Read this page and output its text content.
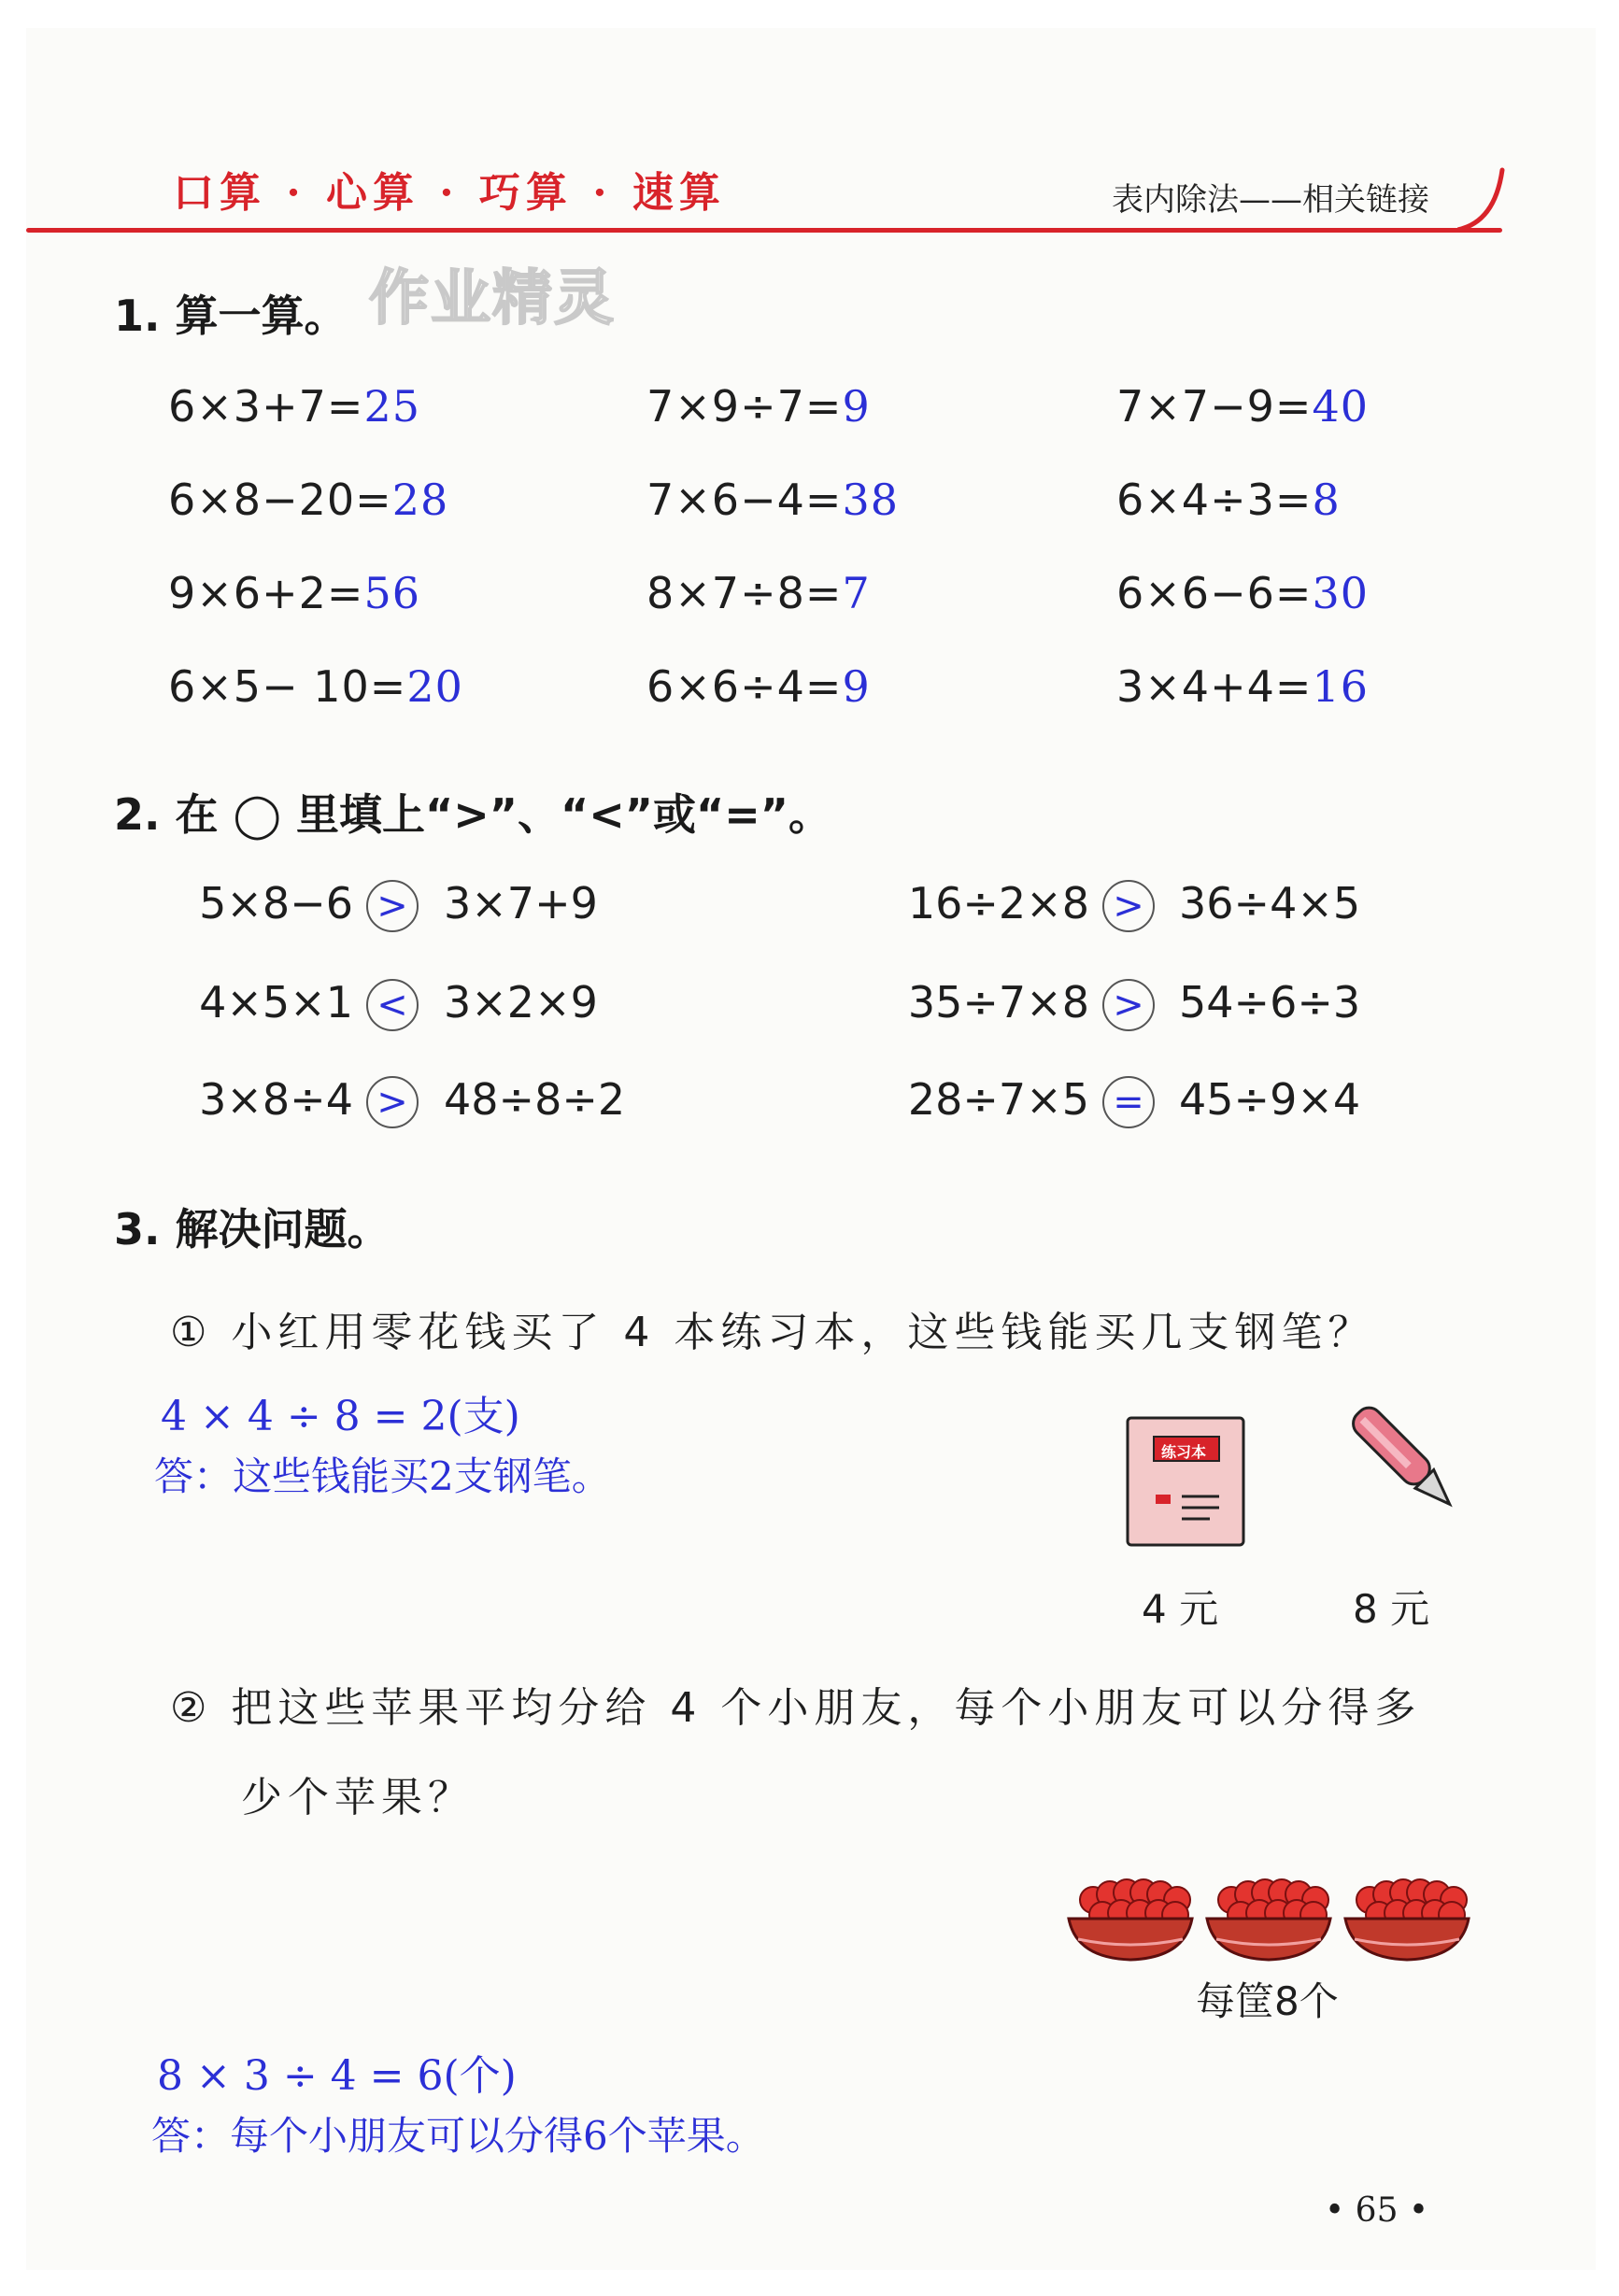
口算 · 心算 · 巧算 · 速算	表内除法——相关链接
1. 算一算。 作业精灵
6×3+7=25	7×9÷7=9	7×7−9=40
6×8−20=28	7×6−4=38	6×4÷3=8
9×6+2=56	8×7÷8=7	6×6−6=30
6×5− 10=20	6×6÷4=9	3×4+4=16
2. 在 ◯ 里填上“>”、“<”或“=”。
5×8−6 > 3×7+9	16÷2×8 > 36÷4×5
4×5×1 < 3×2×9	35÷7×8 > 54÷6÷3
3×8÷4 > 48÷8÷2	28÷7×5 = 45÷9×4
3. 解决问题。
① 小红用零花钱买了 4 本练习本，这些钱能买几支钢笔？
4 × 4 ÷ 8 = 2(支)
答：这些钱能买2支钢笔。
练习本
4 元	8 元
② 把这些苹果平均分给 4 个小朋友，每个小朋友可以分得多
少个苹果？
每筐8个
8 × 3 ÷ 4 = 6(个)
答：每个小朋友可以分得6个苹果。
• 65 •
